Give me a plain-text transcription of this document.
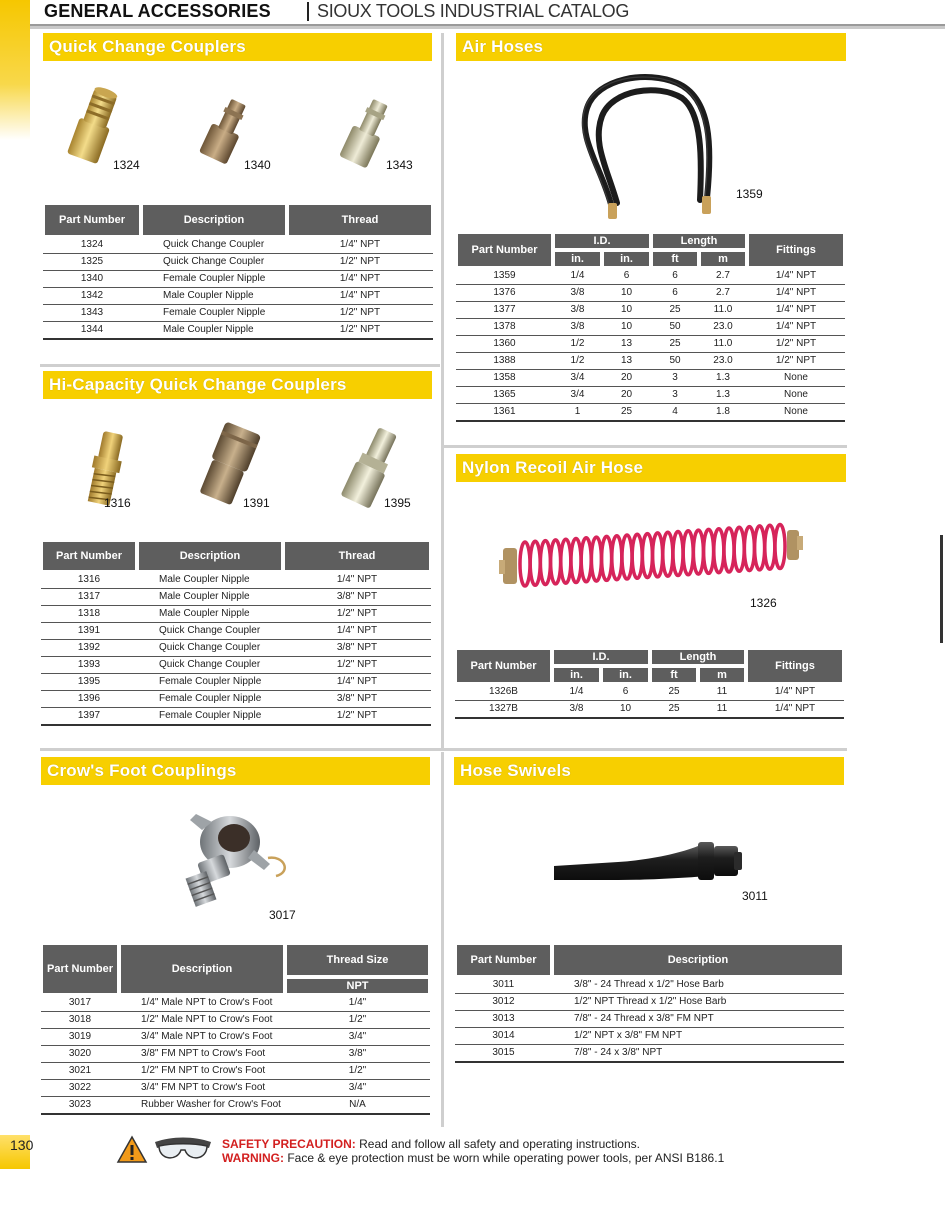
GENERAL ACCESSORIES	SIOUX TOOLS INDUSTRIAL CATALOG
Quick Change Couplers
1324	1340	1343
Part Number	Description	Thread
1324	Quick Change Coupler	1/4" NPT
1325	Quick Change Coupler	1/2" NPT
1340	Female Coupler Nipple	1/4" NPT
1342	Male Coupler Nipple	1/4" NPT
1343	Female Coupler Nipple	1/2" NPT
1344	Male Coupler Nipple	1/2" NPT
Hi-Capacity Quick Change Couplers
1316	1391	1395
Part Number	Description	Thread
1316	Male Coupler Nipple	1/4" NPT
1317	Male Coupler Nipple	3/8" NPT
1318	Male Coupler Nipple	1/2" NPT
1391	Quick Change Coupler	1/4" NPT
1392	Quick Change Coupler	3/8" NPT
1393	Quick Change Coupler	1/2" NPT
1395	Female Coupler Nipple	1/4" NPT
1396	Female Coupler Nipple	3/8" NPT
1397	Female Coupler Nipple	1/2" NPT
Air Hoses
1359
Part Number	I.D.		Length		Fittings
	in.	in.	ft	m	
1359	1/4	6	6	2.7	1/4" NPT
1376	3/8	10	6	2.7	1/4" NPT
1377	3/8	10	25	11.0	1/4" NPT
1378	3/8	10	50	23.0	1/4" NPT
1360	1/2	13	25	11.0	1/2" NPT
1388	1/2	13	50	23.0	1/2" NPT
1358	3/4	20	3	1.3	None
1365	3/4	20	3	1.3	None
1361	1	25	4	1.8	None
Nylon Recoil Air Hose
1326
Part Number	I.D.		Length		Fittings
	in.	in.	ft	m	
1326B	1/4	6	25	11	1/4" NPT
1327B	3/8	10	25	11	1/4" NPT
Crow's Foot Couplings
3017
Part Number	Description	Thread Size
		NPT
3017	1/4" Male NPT to Crow's Foot	1/4"
3018	1/2" Male NPT to Crow's Foot	1/2"
3019	3/4" Male NPT to Crow's Foot	3/4"
3020	3/8" FM NPT to Crow's Foot	3/8"
3021	1/2" FM NPT to Crow's Foot	1/2"
3022	3/4" FM NPT to Crow's Foot	3/4"
3023	Rubber Washer for Crow's Foot	N/A
Hose Swivels
3011
Part Number	Description
3011	3/8" - 24 Thread x 1/2" Hose Barb
3012	1/2" NPT Thread x 1/2" Hose Barb
3013	7/8" - 24 Thread x 3/8" FM NPT
3014	1/2" NPT x 3/8" FM NPT
3015	7/8" - 24 x 3/8" NPT
130	SAFETY PRECAUTION: Read and follow all safety and operating instructions.
WARNING: Face & eye protection must be worn while operating power tools, per ANSI B186.1
